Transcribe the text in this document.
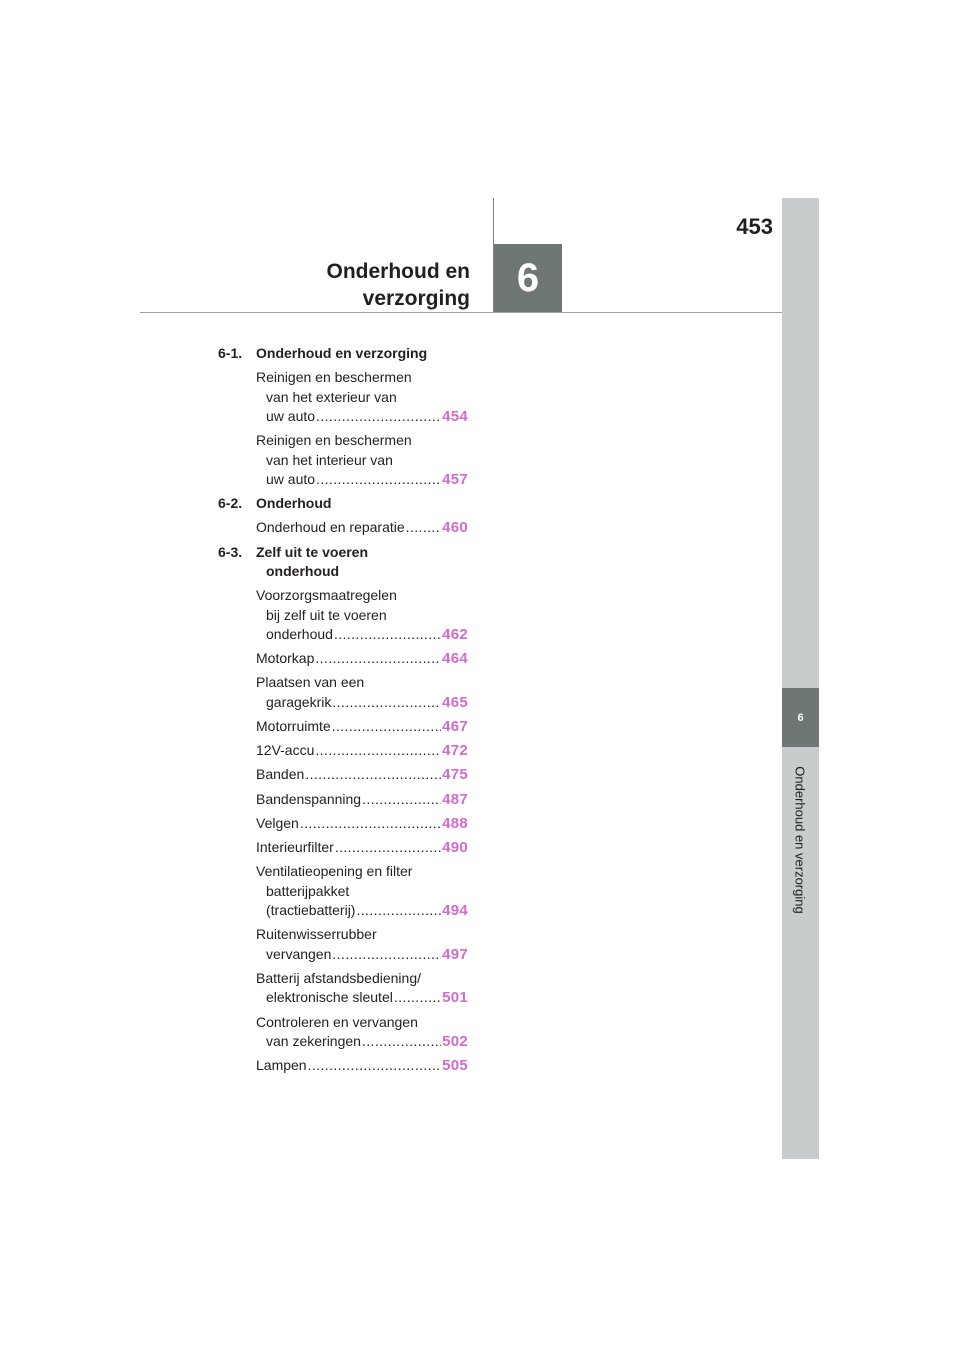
453
Onderhoud en
verzorging	6
6
Onderhoud en verzorging
6-1. Onderhoud en verzorging
Reinigen en beschermen
van het exterieur van
uw auto .....	454
Reinigen en beschermen
van het interieur van
uw auto .....	457
6-2. Onderhoud
Onderhoud en reparatie ..... 460
6-3. Zelf uit te voeren
onderhoud
Voorzorgsmaatregelen
bij zelf uit te voeren
onderhoud .....	462
Motorkap .....	464
Plaatsen van een
garagekrik .....	465
Motorruimte .....	467
12V-accu .....	472
Banden .....	475
Bandenspanning .....	487
Velgen .....	488
Interieurfilter .....	490
Ventilatieopening en filter
batterijpakket
(tractiebatterij) .....	494
Ruitenwisserrubber
vervangen .....	497
Batterij afstandsbediening/
elektronische sleutel .....	501
Controleren en vervangen
van zekeringen .....	502
Lampen .....	505
